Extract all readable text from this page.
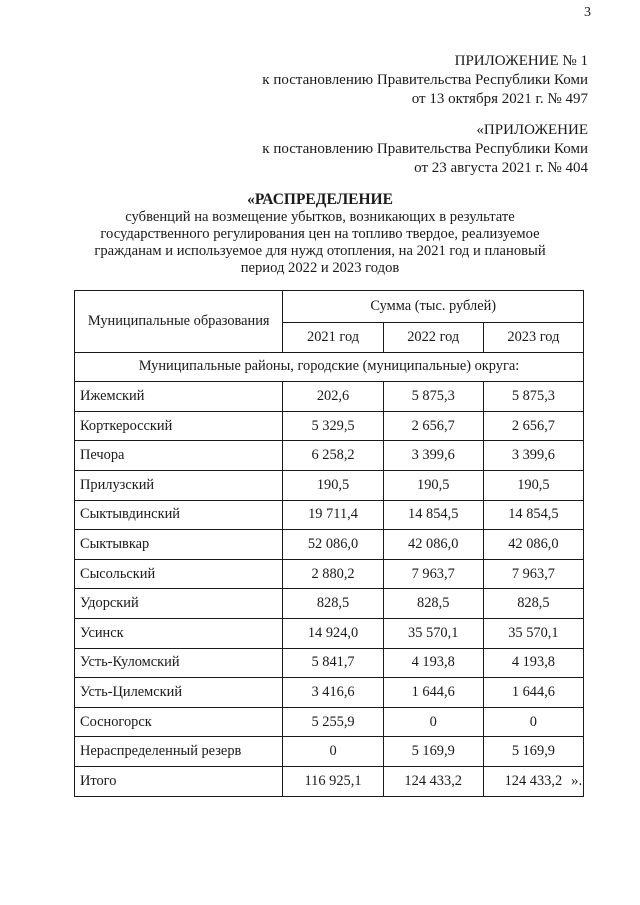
3
ПРИЛОЖЕНИЕ № 1
к постановлению Правительства Республики Коми
от 13 октября 2021 г. № 497
«ПРИЛОЖЕНИЕ
к постановлению Правительства Республики Коми
от 23 августа 2021 г. № 404
«РАСПРЕДЕЛЕНИЕ
субвенций на возмещение убытков, возникающих в результате государственного регулирования цен на топливо твердое, реализуемое гражданам и используемое для нужд отопления, на 2021 год и плановый период 2022 и 2023 годов
Муниципальные образования	Сумма (тыс. рублей)		
	2021 год	2022 год	2023 год
Муниципальные районы, городские (муниципальные) округа:			
Ижемский	202,6	5 875,3	5 875,3
Корткеросский	5 329,5	2 656,7	2 656,7
Печора	6 258,2	3 399,6	3 399,6
Прилузский	190,5	190,5	190,5
Сыктывдинский	19 711,4	14 854,5	14 854,5
Сыктывкар	52 086,0	42 086,0	42 086,0
Сысольский	2 880,2	7 963,7	7 963,7
Удорский	828,5	828,5	828,5
Усинск	14 924,0	35 570,1	35 570,1
Усть-Куломский	5 841,7	4 193,8	4 193,8
Усть-Цилемский	3 416,6	1 644,6	1 644,6
Сосногорск	5 255,9	0	0
Нераспределенный резерв	0	5 169,9	5 169,9
Итого	116 925,1	124 433,2	124 433,2 ».
